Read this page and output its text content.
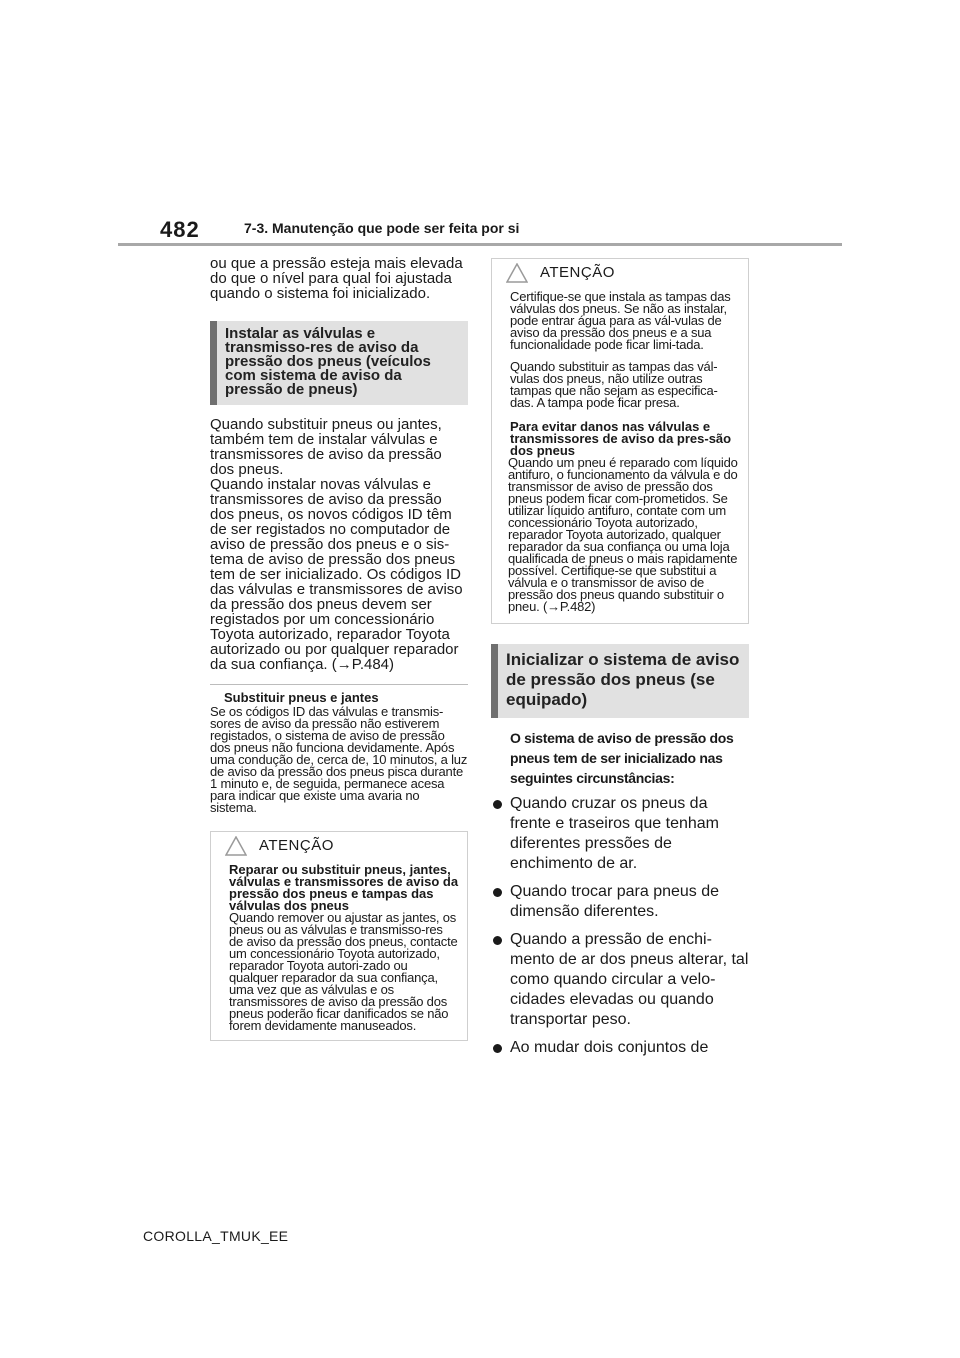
482	7-3. Manutenção que pode ser feita por si

ou que a pressão esteja mais elevada do que o nível para qual foi ajustada quando o sistema foi inicializado.

Instalar as válvulas e transmisso-res de aviso da pressão dos pneus (veículos com sistema de aviso da pressão de pneus)

Quando substituir pneus ou jantes, também tem de instalar válvulas e transmissores de aviso da pressão dos pneus.
Quando instalar novas válvulas e transmissores de aviso da pressão dos pneus, os novos códigos ID têm de ser registados no computador de aviso de pressão dos pneus e o sis-tema de aviso de pressão dos pneus tem de ser inicializado. Os códigos ID das válvulas e transmissores de aviso da pressão dos pneus devem ser registados por um concessionário Toyota autorizado, reparador Toyota autorizado ou por qualquer reparador da sua confiança. (→P.484)

Substituir pneus e jantes
Se os códigos ID das válvulas e transmis-sores de aviso da pressão não estiverem registados, o sistema de aviso de pressão dos pneus não funciona devidamente. Após uma condução de, cerca de, 10 minutos, a luz de aviso da pressão dos pneus pisca durante 1 minuto e, de seguida, permanece acesa para indicar que existe uma avaria no sistema.
ATENÇÃO
Reparar ou substituir pneus, jantes, válvulas e transmissores de aviso da pressão dos pneus e tampas das válvulas dos pneus
Quando remover ou ajustar as jantes, os pneus ou as válvulas e transmisso-res de aviso da pressão dos pneus, contacte um concessionário Toyota autorizado, reparador Toyota autori-zado ou qualquer reparador da sua confiança, uma vez que as válvulas e os transmissores de aviso da pressão dos pneus poderão ficar danificados se não forem devidamente manuseados.
ATENÇÃO
Certifique-se que instala as tampas das válvulas dos pneus. Se não as instalar, pode entrar água para as vál-vulas de aviso da pressão dos pneus e a sua funcionalidade pode ficar limi-tada.
Quando substituir as tampas das vál-vulas dos pneus, não utilize outras tampas que não sejam as especifica-das. A tampa pode ficar presa.
Para evitar danos nas válvulas e transmissores de aviso da pres-são dos pneus
Quando um pneu é reparado com líquido antifuro, o funcionamento da válvula e do transmissor de aviso de pressão dos pneus podem ficar com-prometidos. Se utilizar líquido antifuro, contate com um concessionário Toyota autorizado, reparador Toyota autorizado, qualquer reparador da sua confiança ou uma loja qualificada de pneus o mais rapidamente possível. Certifique-se que substitui a válvula e o transmissor de aviso de pressão dos pneus quando substituir o pneu. (→P.482)
Inicializar o sistema de aviso de pressão dos pneus (se equipado)
O sistema de aviso de pressão dos pneus tem de ser inicializado nas seguintes circunstâncias:
Quando cruzar os pneus da frente e traseiros que tenham diferentes pressões de enchimento de ar.
Quando trocar para pneus de dimensão diferentes.
Quando a pressão de enchi-mento de ar dos pneus alterar, tal como quando circular a velo-cidades elevadas ou quando transportar peso.
Ao mudar dois conjuntos de
COROLLA_TMUK_EE
